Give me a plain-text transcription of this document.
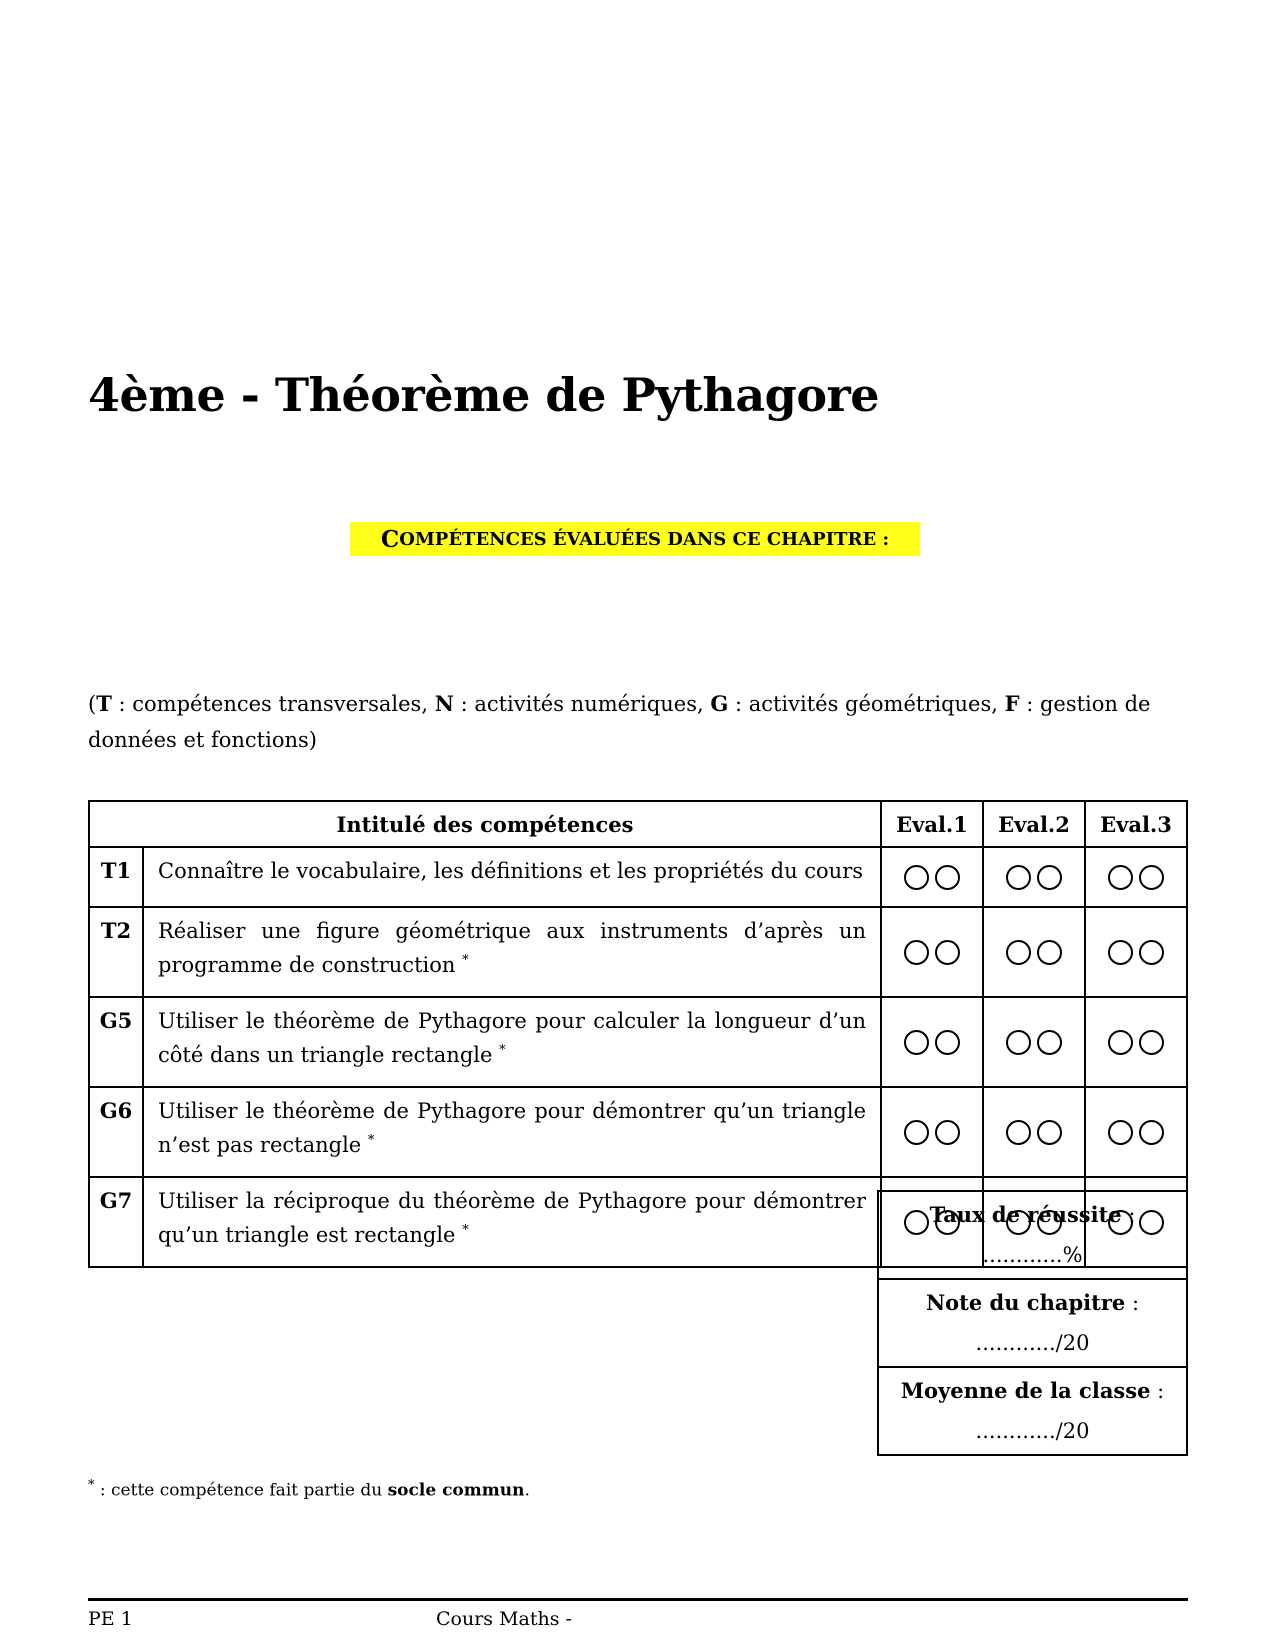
4ème - Théorème de Pythagore
C OMPÉTENCES ÉVALUÉES DANS CE CHAPITRE :

(T : compétences transversales, N : activités numériques, G : activités géométriques, F : gestion de données et fonctions)

Intitulé des compétences		Eval.1	Eval.2	Eval.3
T1	Connaître le vocabulaire, les définitions et les propriétés du cours			
T2	Réaliser une figure géométrique aux instruments d’après un programme de construction *			
G5	Utiliser le théorème de Pythagore pour calculer la longueur d’un côté dans un triangle rectangle *			
G6	Utiliser le théorème de Pythagore pour démontrer qu’un triangle n’est pas rectangle *			
G7	Utiliser la réciproque du théorème de Pythagore pour démontrer qu’un triangle est rectangle *			
Taux de réussite :
............%
Note du chapitre :
............/20
Moyenne de la classe :
............/20

* : cette compétence fait partie du socle commun.

PE 1	Cours Maths -
